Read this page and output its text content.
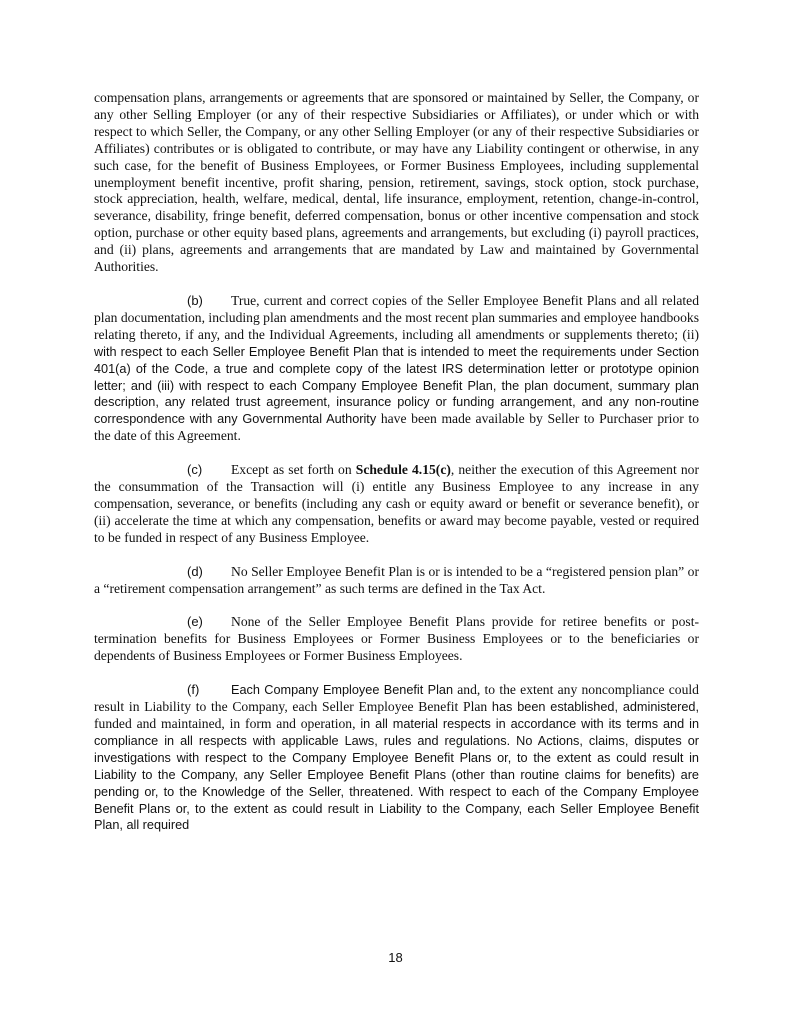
compensation plans, arrangements or agreements that are sponsored or maintained by Seller, the Company, or any other Selling Employer (or any of their respective Subsidiaries or Affiliates), or under which or with respect to which Seller, the Company, or any other Selling Employer (or any of their respective Subsidiaries or Affiliates) contributes or is obligated to contribute, or may have any Liability contingent or otherwise, in any such case, for the benefit of Business Employees, or Former Business Employees, including supplemental unemployment benefit incentive, profit sharing, pension, retirement, savings, stock option, stock purchase, stock appreciation, health, welfare, medical, dental, life insurance, employment, retention, change-in-control, severance, disability, fringe benefit, deferred compensation, bonus or other incentive compensation and stock option, purchase or other equity based plans, agreements and arrangements, but excluding (i) payroll practices, and (ii) plans, agreements and arrangements that are mandated by Law and maintained by Governmental Authorities.

(b) True, current and correct copies of the Seller Employee Benefit Plans and all related plan documentation, including plan amendments and the most recent plan summaries and employee handbooks relating thereto, if any, and the Individual Agreements, including all amendments or supplements thereto; (ii) with respect to each Seller Employee Benefit Plan that is intended to meet the requirements under Section 401(a) of the Code, a true and complete copy of the latest IRS determination letter or prototype opinion letter; and (iii) with respect to each Company Employee Benefit Plan, the plan document, summary plan description, any related trust agreement, insurance policy or funding arrangement, and any non-routine correspondence with any Governmental Authority have been made available by Seller to Purchaser prior to the date of this Agreement.

(c) Except as set forth on Schedule 4.15(c), neither the execution of this Agreement nor the consummation of the Transaction will (i) entitle any Business Employee to any increase in any compensation, severance, or benefits (including any cash or equity award or benefit or severance benefit), or (ii) accelerate the time at which any compensation, benefits or award may become payable, vested or required to be funded in respect of any Business Employee.

(d) No Seller Employee Benefit Plan is or is intended to be a “registered pension plan” or a “retirement compensation arrangement” as such terms are defined in the Tax Act.

(e) None of the Seller Employee Benefit Plans provide for retiree benefits or post-termination benefits for Business Employees or Former Business Employees or to the beneficiaries or dependents of Business Employees or Former Business Employees.

(f) Each Company Employee Benefit Plan and, to the extent any noncompliance could result in Liability to the Company, each Seller Employee Benefit Plan has been established, administered, funded and maintained, in form and operation, in all material respects in accordance with its terms and in compliance in all respects with applicable Laws, rules and regulations. No Actions, claims, disputes or investigations with respect to the Company Employee Benefit Plans or, to the extent as could result in Liability to the Company, any Seller Employee Benefit Plans (other than routine claims for benefits) are pending or, to the Knowledge of the Seller, threatened. With respect to each of the Company Employee Benefit Plans or, to the extent as could result in Liability to the Company, each Seller Employee Benefit Plan, all required

18
